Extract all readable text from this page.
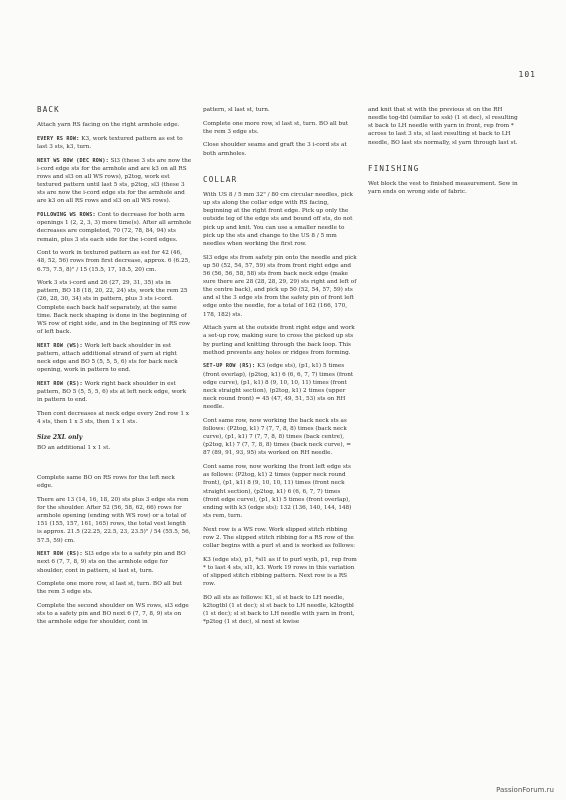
101
BACK

Attach yarn RS facing on the right armhole edge.

EVERY RS ROW: K3, work textured pattern as est to last 3 sts, k3, turn.

NEXT WS ROW (DEC ROW): Sl3 (these 3 sts are now the i-cord edge sts for the armhole and are k3 on all RS rows and sl3 on all WS rows), p2tog, work est textured pattern until last 5 sts, p2tog, sl3 (these 3 sts are now the i-cord edge sts for the armhole and are k3 on all RS rows and sl3 on all WS rows).

FOLLOWING WS ROWS: Cont to decrease for both arm openings 1 (2, 2, 3, 3) more time(s). After all armhole decreases are completed, 70 (72, 78, 84, 94) sts remain, plus 3 sts each side for the i-cord edges.

Cont to work in textured pattern as est for 42 (46, 48, 52, 56) rows from first decrease, approx. 6 (6.25, 6.75, 7.5, 8)" / 15 (15.5, 17, 18.5, 20) cm.

Work 3 sts i-cord and 26 (27, 29, 31, 35) sts in pattern, BO 18 (18, 20, 22, 24) sts, work the rem 25 (26, 28, 30, 34) sts in pattern, plus 3 sts i-cord. Complete each back half separately, at the same time. Back neck shaping is done in the beginning of WS row of right side, and in the beginning of RS row of left back.

NEXT ROW (WS): Work left back shoulder in est pattern, attach additional strand of yarn at right neck edge and BO 5 (5, 5, 5, 6) sts for back neck opening, work in pattern to end.

NEXT ROW (RS): Work right back shoulder in est pattern, BO 5 (5, 5, 5, 6) sts at left neck edge, work in pattern to end.

Then cont decreases at neck edge every 2nd row 1 x 4 sts, then 1 x 3 sts, then 1 x 1 sts.

Size 2XL only

BO an additional 1 x 1 st.

Complete same BO on RS rows for the left neck edge.

There are 13 (14, 16, 18, 20) sts plus 3 edge sts rem for the shoulder. After 52 (56, 58, 62, 66) rows for armhole opening (ending with WS row) or a total of 151 (155, 157, 161, 165) rows, the total vest length is approx. 21.5 (22.25, 22.5, 23, 23.5)" / 54 (55.5, 56, 57.5, 59) cm.

NEXT ROW (RS): Sl3 edge sts to a safety pin and BO next 6 (7, 7, 8, 9) sts on the armhole edge for shoulder, cont in pattern, sl last st, turn.

Complete one more row, sl last st, turn. BO all but the rem 3 edge sts.

Complete the second shoulder on WS rows, sl3 edge sts to a safety pin and BO next 6 (7, 7, 8, 9) sts on the armhole edge for shoulder, cont in

pattern, sl last st, turn.

Complete one more row, sl last st, turn. BO all but the rem 3 edge sts.

Close shoulder seams and graft the 3 i-cord sts at both armholes.

COLLAR

With US 8 / 5 mm 32" / 80 cm circular needles, pick up sts along the collar edge with RS facing, beginning at the right front edge. Pick up only the outside leg of the edge sts and bound off sts, do not pick up and knit. You can use a smaller needle to pick up the sts and change to the US 8 / 5 mm needles when working the first row.

Sl3 edge sts from safety pin onto the needle and pick up 50 (52, 54, 57, 59) sts from front right edge and 56 (56, 56, 58, 58) sts from back neck edge (make sure there are 28 (28, 28, 29, 29) sts right and left of the centre back), and pick up 50 (52, 54, 57, 59) sts and sl the 3 edge sts from the safety pin of front left edge onto the needle, for a total of 162 (166, 170, 178, 182) sts.

Attach yarn at the outside front right edge and work a set-up row, making sure to cross the picked up sts by purling and knitting through the back loop. This method prevents any holes or ridges from forming.

SET-UP ROW (RS): K3 (edge sts), (p1, k1) 5 times (front overlap), (p2tog, k1) 6 (6, 6, 7, 7) times (front edge curve), (p1, k1) 8 (9, 10, 10, 11) times (front neck straight section), (p2tog, k1) 2 times (upper neck round front) = 45 (47, 49, 51, 53) sts on RH needle.

Cont same row, now working the back neck sts as follows: (P2tog, k1) 7 (7, 7, 8, 8) times (back neck curve), (p1, k1) 7 (7, 7, 8, 8) times (back centre), (p2tog, k1) 7 (7, 7, 8, 8) times (back neck curve), = 87 (89, 91, 93, 95) sts worked on RH needle.

Cont same row, now working the front left edge sts as follows: (P2tog, k1) 2 times (upper neck round front), (p1, k1) 8 (9, 10, 10, 11) times (front neck straight section), (p2tog, k1) 6 (6, 6, 7, 7) times (front edge curve), (p1, k1) 5 times (front overlap), ending with k3 (edge sts); 132 (136, 140, 144, 148) sts rem, turn.

Next row is a WS row. Work slipped stitch ribbing row 2. The slipped stitch ribbing for a RS row of the collar begins with a purl st and is worked as follows:

K3 (edge sts), p1, *sl1 as if to purl wyib, p1, rep from * to last 4 sts, sl1, k3. Work 19 rows in this variation of slipped stitch ribbing pattern. Next row is a RS row.

BO all sts as follows: K1, sl st back to LH needle, k2togtbl (1 st dec); sl st back to LH needle, k2togtbl (1 st dec); sl st back to LH needle with yarn in front, *p2tog (1 st dec), sl next st kwise

and knit that st with the previous st on the RH needle tog-tbl (similar to ssk) (1 st dec), sl resulting st back to LH needle with yarn in front, rep from * across to last 3 sts, sl last resulting st back to LH needle, BO last sts normally, sl yarn through last st.

FINISHING

Wet block the vest to finished measurement. Sew in yarn ends on wrong side of fabric.

PassionForum.ru
